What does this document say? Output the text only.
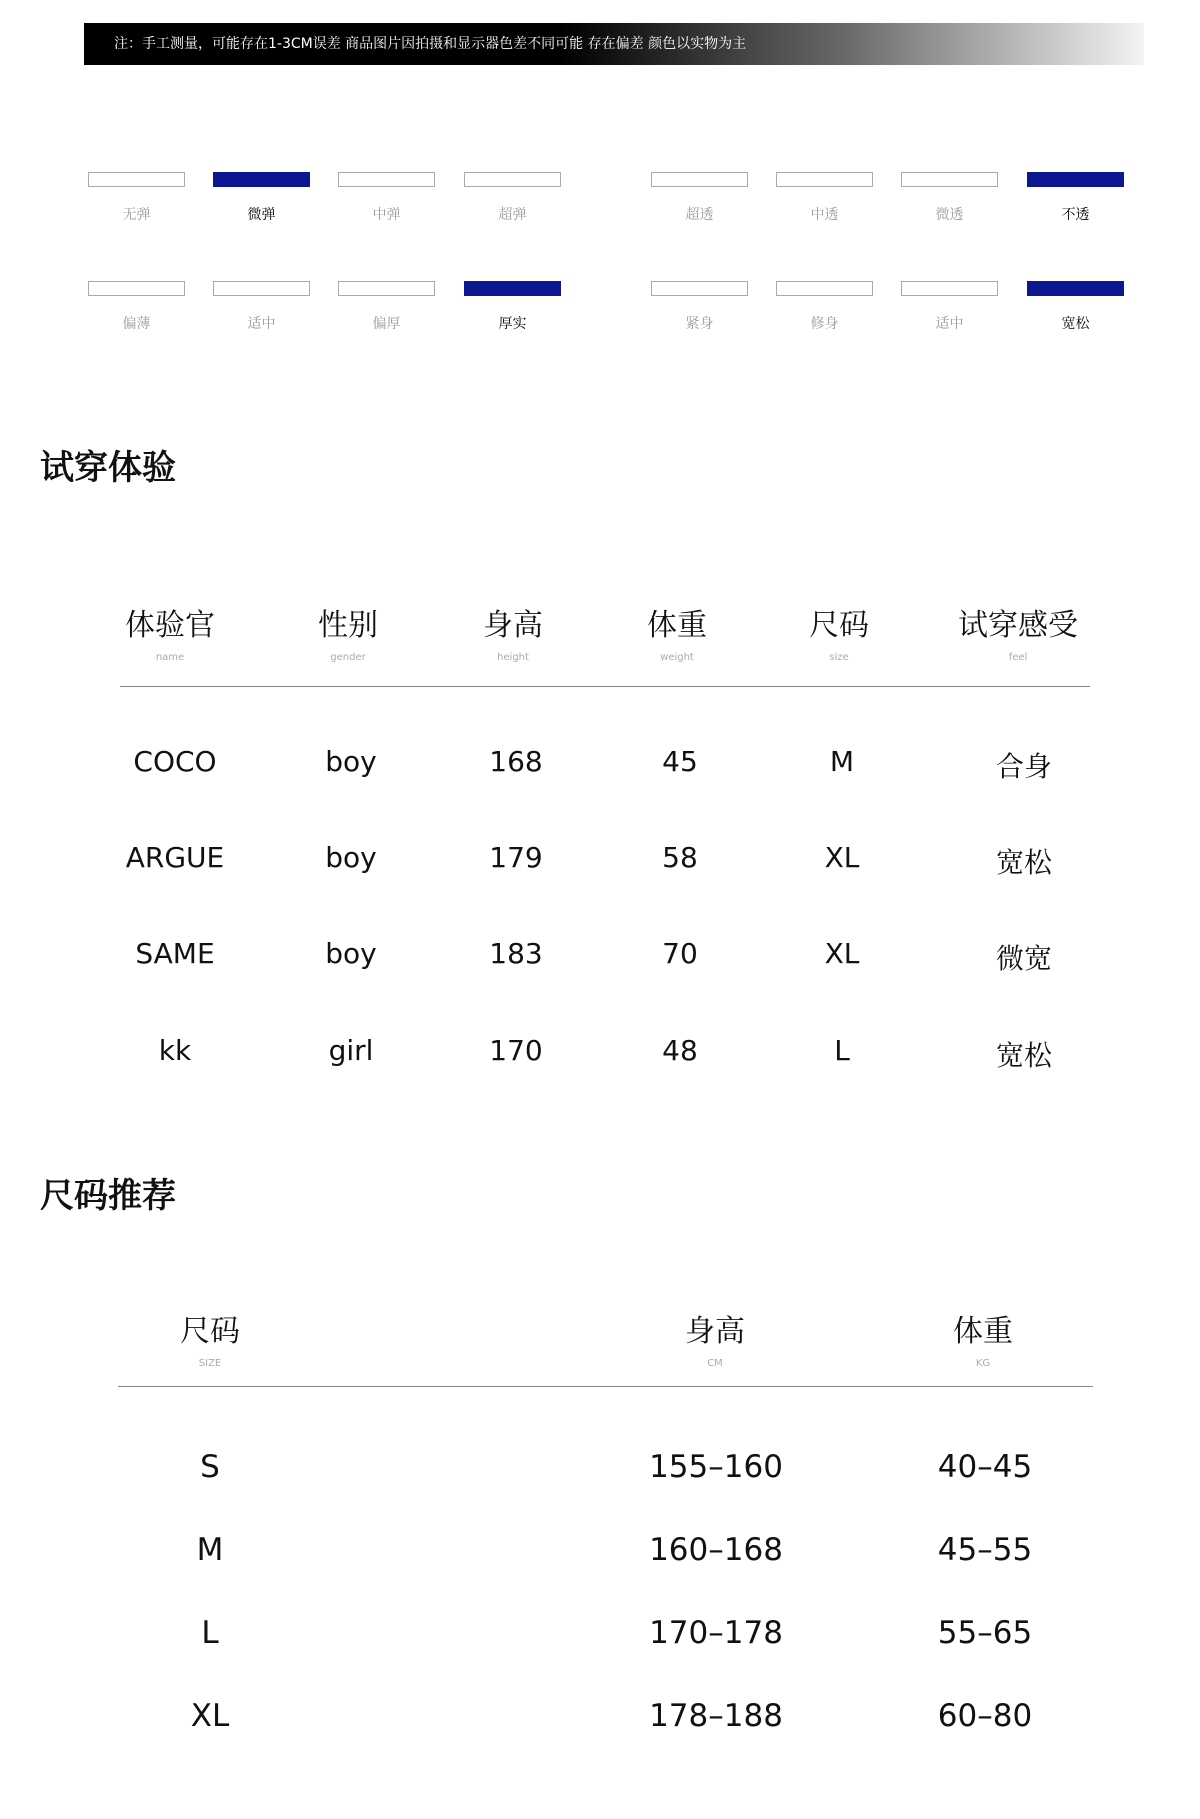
注：手工测量，可能存在1-3CM误差 商品图片因拍摄和显示器色差不同可能 存在偏差 颜色以实物为主
无弹	微弹	中弹	超弹	超透	中透	微透	不透
偏薄	适中	偏厚	厚实	紧身	修身	适中	宽松
试穿体验
体验官
name
性别
gender
身高
height
体重
weight
尺码
size
试穿感受
feel
COCO	boy	168	45	M	合身
ARGUE	boy	179	58	XL	宽松
SAME	boy	183	70	XL	微宽
kk	girl	170	48	L	宽松
尺码推荐
尺码
SIZE
身高
CM
体重
KG
S	155–160	40–45
M	160–168	45–55
L	170–178	55–65
XL	178–188	60–80
